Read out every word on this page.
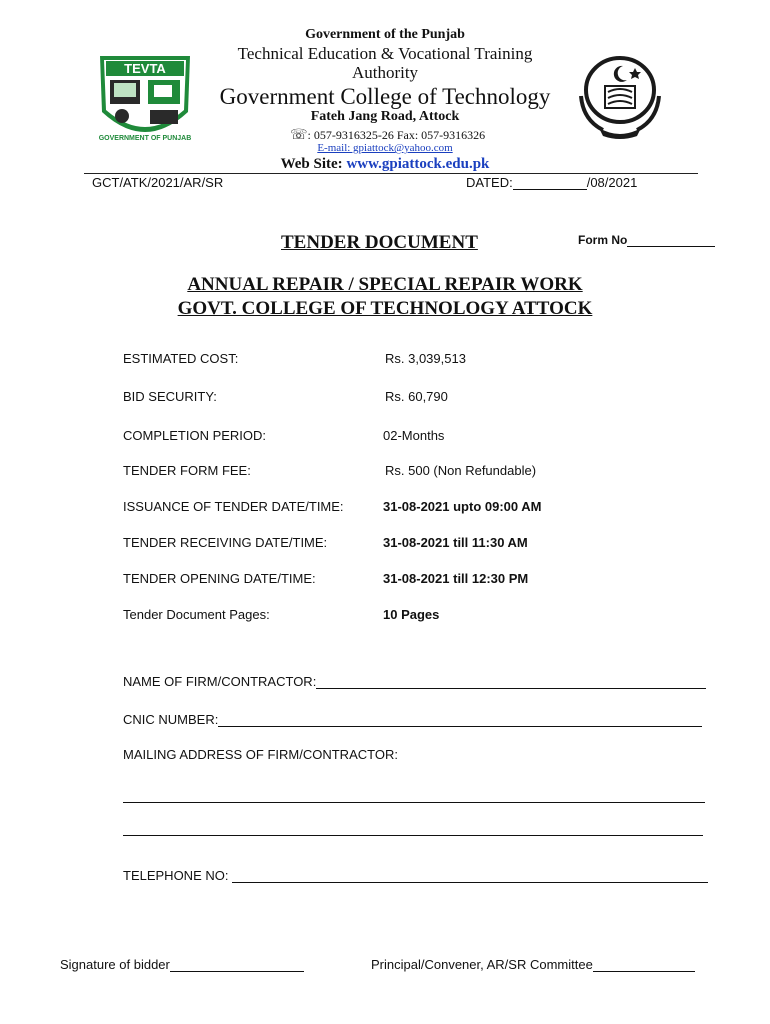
TEVTA
GOVERNMENT OF PUNJAB
Government of the Punjab
Technical Education & Vocational Training Authority
Government College of Technology
Fateh Jang Road, Attock
☏: 057-9316325-26 Fax: 057-9316326
E-mail: gpiattock@yahoo.com
Web Site: www.gpiattock.edu.pk
GCT/ATK/2021/AR/SR	DATED:	/08/2021
TENDER DOCUMENT	Form No
ANNUAL REPAIR / SPECIAL REPAIR WORK
GOVT. COLLEGE OF TECHNOLOGY ATTOCK
ESTIMATED COST:	Rs. 3,039,513
BID SECURITY:	Rs. 60,790
COMPLETION PERIOD:	02-Months
TENDER FORM FEE:	Rs. 500 (Non Refundable)
ISSUANCE OF TENDER DATE/TIME:	31-08-2021 upto 09:00 AM
TENDER RECEIVING DATE/TIME:	31-08-2021 till 11:30 AM
TENDER OPENING DATE/TIME:	31-08-2021 till 12:30 PM
Tender Document Pages:	10 Pages
NAME OF FIRM/CONTRACTOR:
CNIC NUMBER:
MAILING ADDRESS OF FIRM/CONTRACTOR:
TELEPHONE NO:
Signature of bidder	Principal/Convener, AR/SR Committee
